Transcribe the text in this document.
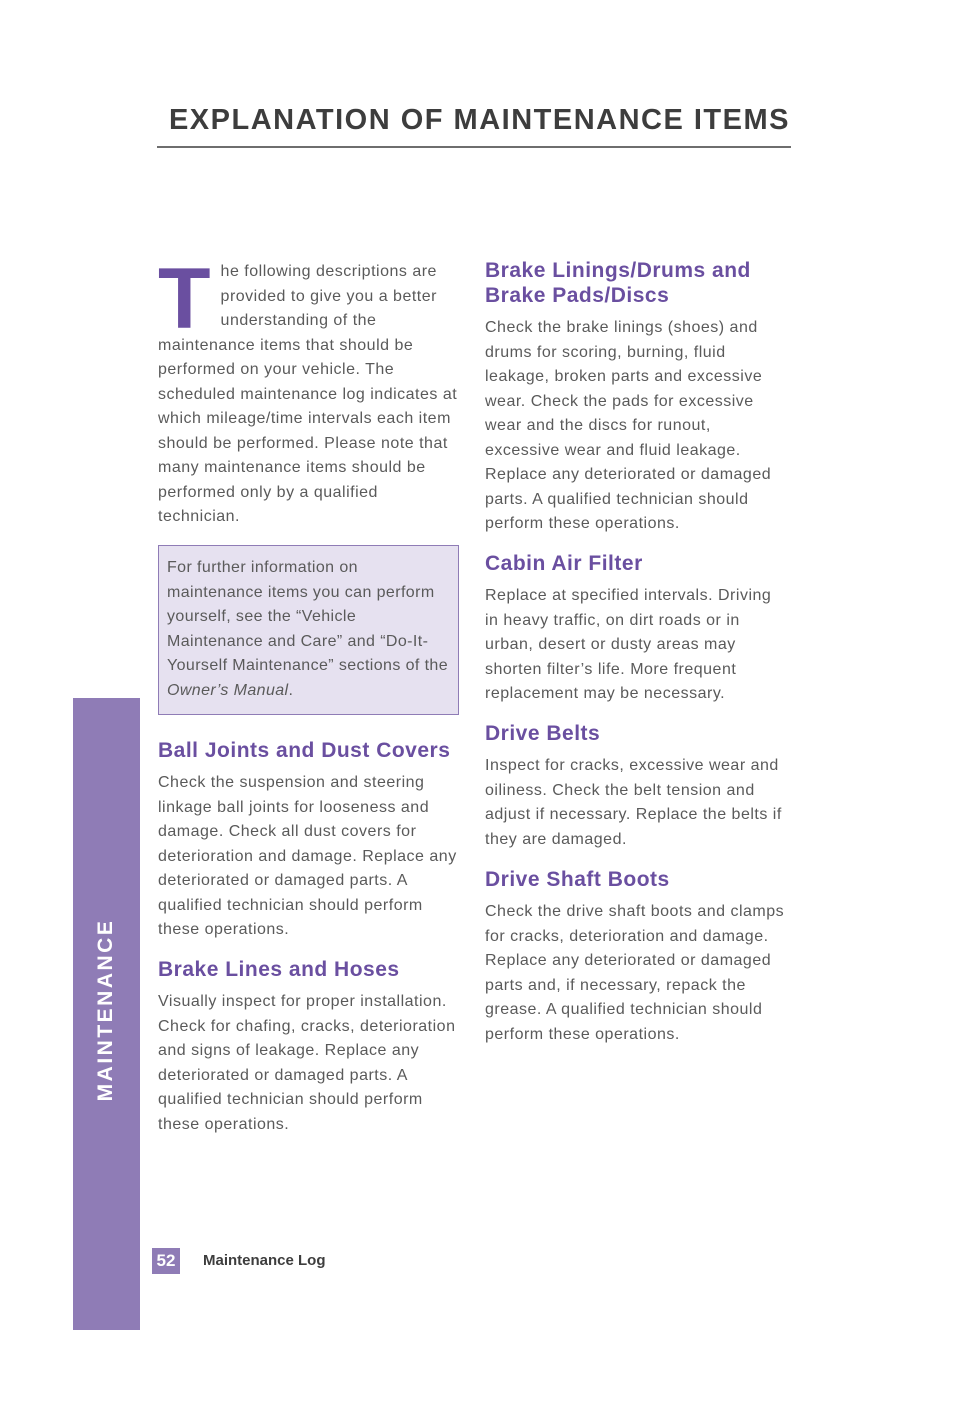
EXPLANATION OF MAINTENANCE ITEMS
MAINTENANCE
T he following descriptions are provided to give you a better understanding of the maintenance items that should be performed on your vehicle. The scheduled maintenance log indicates at which mileage/time intervals each item should be performed. Please note that many maintenance items should be performed only by a qualified technician.

For further information on maintenance items you can perform yourself, see the “Vehicle Maintenance and Care” and “Do-It-Yourself Maintenance” sections of the Owner’s Manual.

Ball Joints and Dust Covers

Check the suspension and steering linkage ball joints for looseness and damage. Check all dust covers for deterioration and damage. Replace any deteriorated or damaged parts. A qualified technician should perform these operations.

Brake Lines and Hoses

Visually inspect for proper installation. Check for chafing, cracks, deterioration and signs of leakage. Replace any deteriorated or damaged parts. A qualified technician should perform these operations.

Brake Linings/Drums and Brake Pads/Discs

Check the brake linings (shoes) and drums for scoring, burning, fluid leakage, broken parts and excessive wear. Check the pads for excessive wear and the discs for runout, excessive wear and fluid leakage. Replace any deteriorated or damaged parts. A qualified technician should perform these operations.

Cabin Air Filter

Replace at specified intervals. Driving in heavy traffic, on dirt roads or in urban, desert or dusty areas may shorten filter’s life. More frequent replacement may be necessary.

Drive Belts

Inspect for cracks, excessive wear and oiliness. Check the belt tension and adjust if necessary. Replace the belts if they are damaged.

Drive Shaft Boots

Check the drive shaft boots and clamps for cracks, deterioration and damage. Replace any deteriorated or damaged parts and, if necessary, repack the grease. A qualified technician should perform these operations.

52	Maintenance Log
